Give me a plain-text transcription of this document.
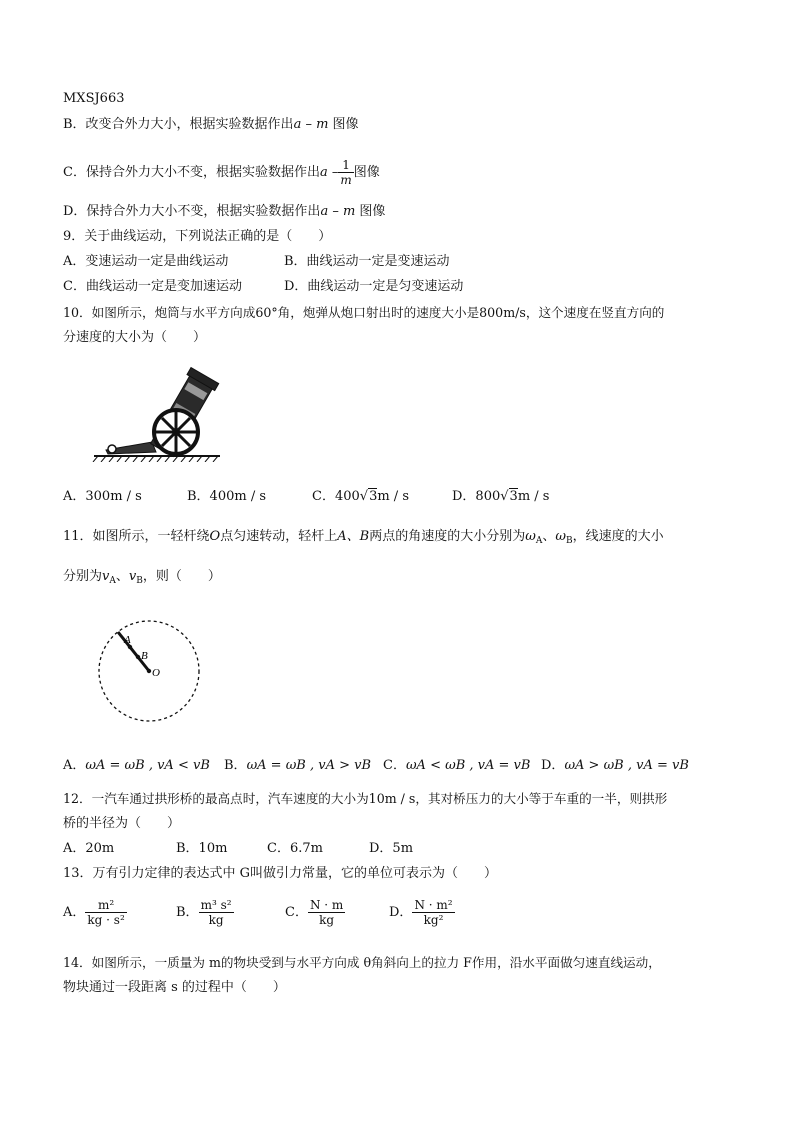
MXSJ663
B．改变合外力大小，根据实验数据作出a – m 图像
C．保持合外力大小不变，根据实验数据作出a – $\frac{1}{m}$ 图像
D．保持合外力大小不变，根据实验数据作出a – m 图像
9．关于曲线运动，下列说法正确的是（　　）
A．变速运动一定是曲线运动	B．曲线运动一定是变速运动
C．曲线运动一定是变加速运动	D．曲线运动一定是匀变速运动
10．如图所示，炮筒与水平方向成60°角，炮弹从炮口射出时的速度大小是800m/s，这个速度在竖直方向的
分速度的大小为（　　）
A．300m / s	B．400m / s	C．400√3m / s	D．800√3m / s
11．如图所示，一轻杆绕O点匀速转动，轻杆上A、B两点的角速度的大小分别为$\omega_A$、$\omega_B$，线速度的大小
分别为$v_A$、$v_B$，则（　　）
A
B
O
A．ωA = ωB , vA < vB B．ωA = ωB , vA > vB C．ωA < ωB , vA = vB D．ωA > ωB , vA = vB
12．一汽车通过拱形桥的最高点时，汽车速度的大小为10m / s，其对桥压力的大小等于车重的一半，则拱形
桥的半径为（　　）
A．20m	B．10m	C．6.7m	D．5m
13．万有引力定律的表达式中 G叫做引力常量，它的单位可表示为（　　）
A． $\frac{\text{m²}}{\text{kg · s²}}$	B． $\frac{\text{m³ s²}}{kg}$	C． $\frac{N \cdot m}{kg}$	D． $\frac{\text{N · m²}}{\text{kg²}}$
14．如图所示，一质量为 m的物块受到与水平方向成 θ角斜向上的拉力 F作用，沿水平面做匀速直线运动，
物块通过一段距离 s 的过程中（　　）
